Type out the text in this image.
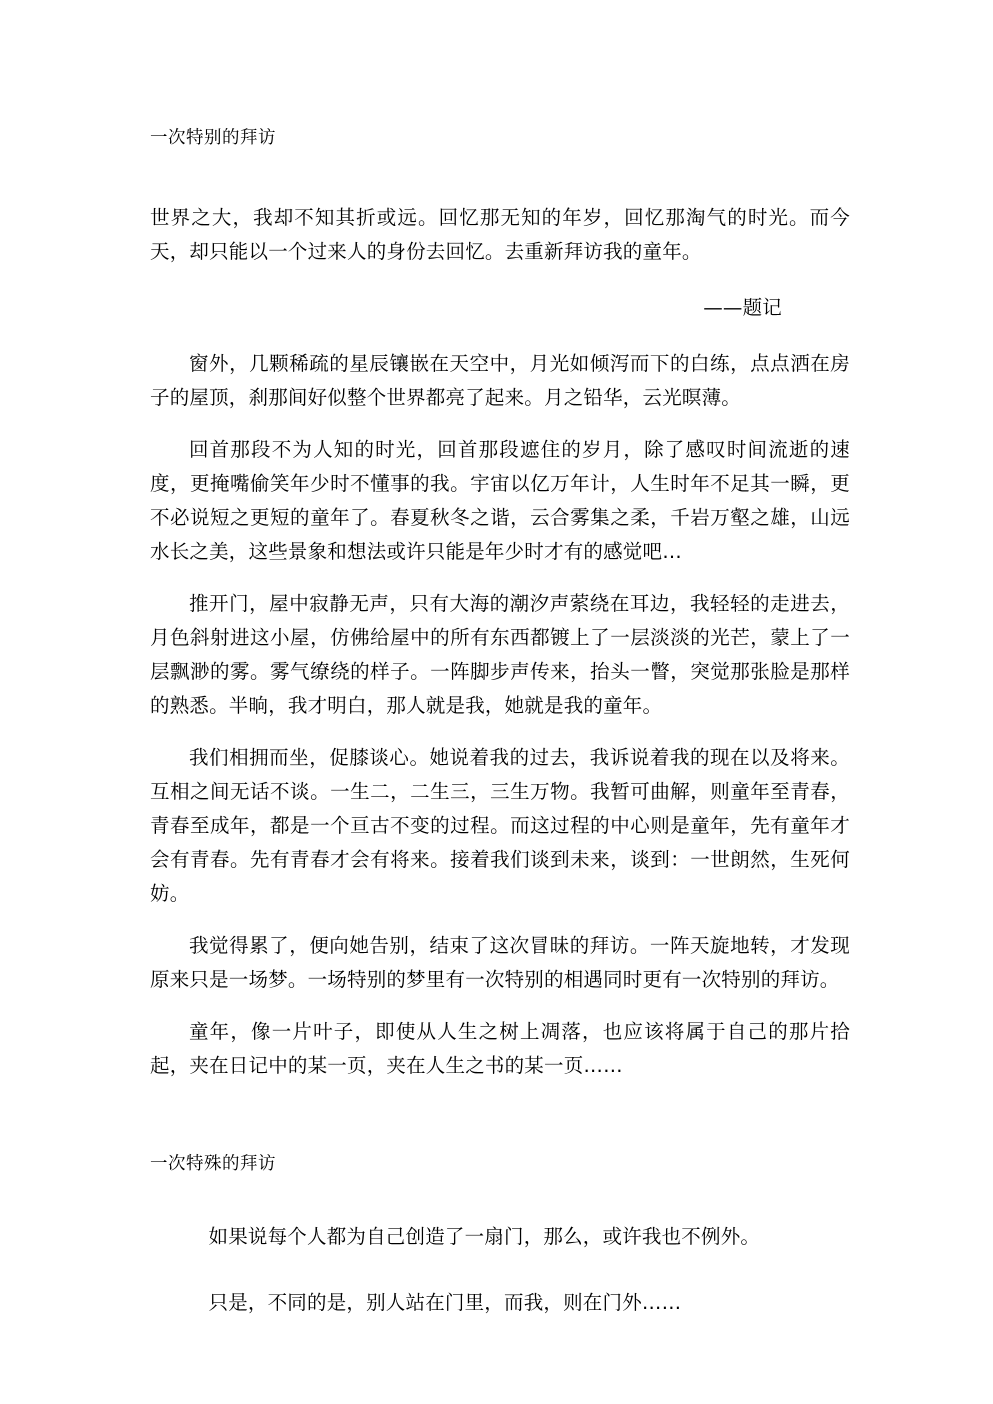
一次特别的拜访

世界之大，我却不知其折或远。回忆那无知的年岁，回忆那淘气的时光。而今天，却只能以一个过来人的身份去回忆。去重新拜访我的童年。

——题记

窗外，几颗稀疏的星辰镶嵌在天空中，月光如倾泻而下的白练，点点洒在房子的屋顶，刹那间好似整个世界都亮了起来。月之铅华，云光暝薄。

回首那段不为人知的时光，回首那段遮住的岁月，除了感叹时间流逝的速度，更掩嘴偷笑年少时不懂事的我。宇宙以亿万年计，人生时年不足其一瞬，更不必说短之更短的童年了。春夏秋冬之谐，云合雾集之柔，千岩万壑之雄，山远水长之美，这些景象和想法或许只能是年少时才有的感觉吧…

推开门，屋中寂静无声，只有大海的潮汐声萦绕在耳边，我轻轻的走进去，月色斜射进这小屋，仿佛给屋中的所有东西都镀上了一层淡淡的光芒，蒙上了一层飘渺的雾。雾气缭绕的样子。一阵脚步声传来，抬头一瞥，突觉那张脸是那样的熟悉。半晌，我才明白，那人就是我，她就是我的童年。

我们相拥而坐，促膝谈心。她说着我的过去，我诉说着我的现在以及将来。互相之间无话不谈。一生二，二生三，三生万物。我暂可曲解，则童年至青春，青春至成年，都是一个亘古不变的过程。而这过程的中心则是童年，先有童年才会有青春。先有青春才会有将来。接着我们谈到未来，谈到：一世朗然，生死何妨。

我觉得累了，便向她告别，结束了这次冒昧的拜访。一阵天旋地转，才发现原来只是一场梦。一场特别的梦里有一次特别的相遇同时更有一次特别的拜访。

童年，像一片叶子，即使从人生之树上凋落，也应该将属于自己的那片拾起，夹在日记中的某一页，夹在人生之书的某一页……

一次特殊的拜访

如果说每个人都为自己创造了一扇门，那么，或许我也不例外。

只是，不同的是，别人站在门里，而我，则在门外……
